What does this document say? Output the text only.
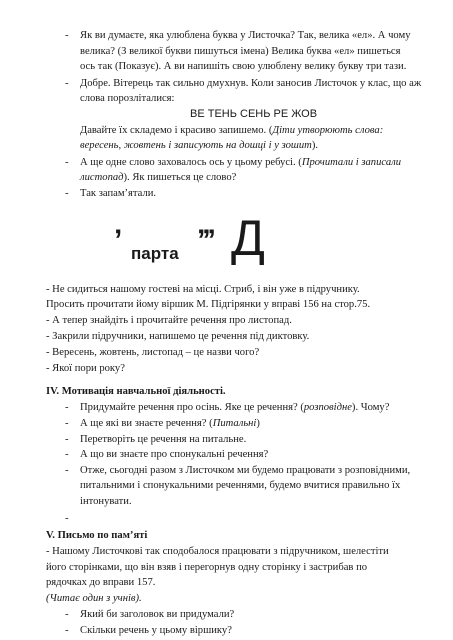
- Як ви думаєте, яка улюблена буква у Листочка? Так, велика «ел». А чому
велика? (З великої букви пишуться імена) Велика буква «ел» пишеться
ось так (Показує). А ви напишіть свою улюблену велику букву три тази.
- Добре. Вітерець так сильно дмухнув. Коли заносив Листочок у клас, що аж
слова порозліталися:
ВЕ ТЕНЬ СЕНЬ РЕ ЖОВ
Давайте їх складемо і красиво запишемо. (Діти утворюють слова:
вересень, жовтень і записують на дошці і у зошит).
- А ще одне слово заховалось ось у цьому ребусі. (Прочитали і записали
листопад). Як пишеться це слово?
- Так запам’ятали.
’ парта ’’’ Д
- Не сидиться нашому гостеві на місці. Стриб, і він уже в підручнику.
Просить прочитати йому віршик М. Підгірянки у вправі 156 на стор.75.
- А тепер знайдіть і прочитайте речення про листопад.
- Закрили підручники, напишемо це речення під диктовку.
- Вересень, жовтень, листопад – це назви чого?
- Якої пори року?
IV. Мотивація навчальної діяльності.
- Придумайте речення про осінь. Яке це речення? (розповідне). Чому?
- А ще які ви знаєте речення? (Питальні)
- Перетворіть це речення на питальне.
- А що ви знаєте про спонукальні речення?
- Отже, сьогодні разом з Листочком ми будемо працювати з розповідними,
питальними і спонукальними реченнями, будемо вчитися правильно їх
інтонувати.
-
V. Письмо по пам’яті
- Нашому Листочкові так сподобалося працювати з підручником, шелестіти
його сторінками, що він взяв і перегорнув одну сторінку і застрибав по
рядочках до вправи 157.
(Читає один з учнів).
- Який би заголовок ви придумали?
- Скільки речень у цьому віршику?
